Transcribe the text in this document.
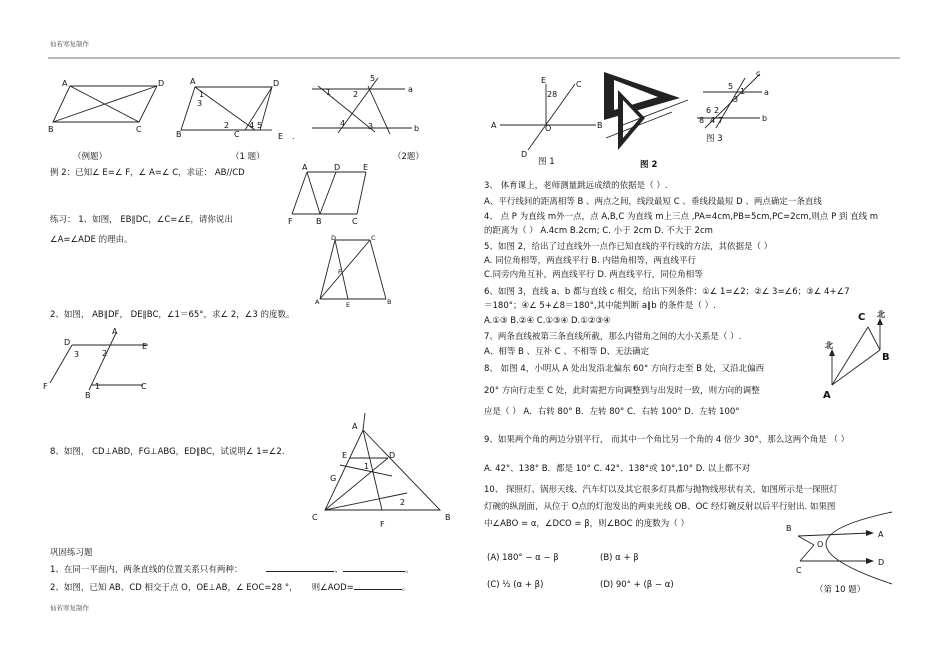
仙若寒复制作
仙若寒复制作
A	D
B	C
（例题）
A	D
B	C	E
1
3
2 4 5
.
（1 题）
1	2
5
4	3
a
b
（2题）
A	D	E
F	B	C
D	C
A	E	B
F
例 2：已知∠ E=∠ F，∠ A=∠ C，求证： AB//CD
练习： 1、如图， EB∥DC，∠C=∠E，请你说出
∠A=∠ADE 的理由。
2、如图， AB∥DF， DE∥BC，∠1＝65°，求∠ 2，∠3 的度数。
A
D	E
F
B
C
3	2
1
8、如图， CD⊥ABD，FG⊥ABG，ED∥BC，试说明∠ 1=∠2.
A
E	D
G
C
F
B
1
2
巩固练习题
1、在同一平面内，两条直线的位置关系只有两种：	、	。
2、如图，已知 AB、CD 相交于点 O，OE⊥AB，∠ EOC=28 °， 则∠AOD=	。
E	C
28
A	O	B
D
图 1	图 2
c
a
b
5
1
3
6 2
7
8 4
图 3
3、 体育课上，老师测量跳远成绩的依据是（ ）.
A、平行线间的距离相等 B 、两点之间，线段最短 C 、垂线段最短 D 、两点确定一条直线
4、 点 P 为直线 m外一点，点 A,B,C 为直线 m上三点 ,PA=4cm,PB=5cm,PC=2cm,则点 P 到 直线 m
的距离为（ ） A.4cm B.2cm; C. 小于 2cm D. 不大于 2cm
5、如图 2，给出了过直线外一点作已知直线的平行线的方法，其依据是（ ）
A. 同位角相等，两直线平行 B. 内错角相等，两直线平行
C.同旁内角互补，两直线平行 D. 两直线平行，同位角相等
6、如图 3，直线 a、b 都与直线 c 相交，给出下列条件：①∠ 1=∠2；②∠ 3=∠6；③∠ 4+∠7
＝180°；④∠ 5+∠8＝180°,其中能判断 a∥b 的条件是（ ）.
A.①③ B.②④ C.①③④ D.①②③④
7、两条直线被第三条直线所截，那么内错角之间的大小关系是（ ）.
A、相等 B 、互补 C 、不相等 D、无法确定
8、 如图 4，小明从 A 处出发沿北偏东 60° 方向行走至 B 处，又沿北偏西
20° 方向行走至 C 处，此时需把方向调整到与出发时一致，则方向的调整
应是（ ） A．右转 80° B．左转 80° C．右转 100° D．左转 100°
北
北
C
B
A
9、如果两个角的两边分别平行， 而其中一个角比另一个角的 4 倍少 30°，那么这两个角是 （ ）
A. 42°、138° B．都是 10° C. 42°、138°或 10°,10° D. 以上都不对
10、 探照灯、锅形天线、汽车灯以及其它很多灯具都与抛物线形状有关，如图所示是一探照灯
灯碗的纵剖面，从位于 O点的灯泡发出的两束光线 OB、OC 经灯碗反射以后平行射出. 如果图
中∠ABO = α，∠DCO = β，则∠BOC 的度数为（ ）
(A) 180° − α − β	(B) α + β
(C) ½ (α + β)	(D) 90° + (β − α)
B
O
C
A
D
（第 10 题）
